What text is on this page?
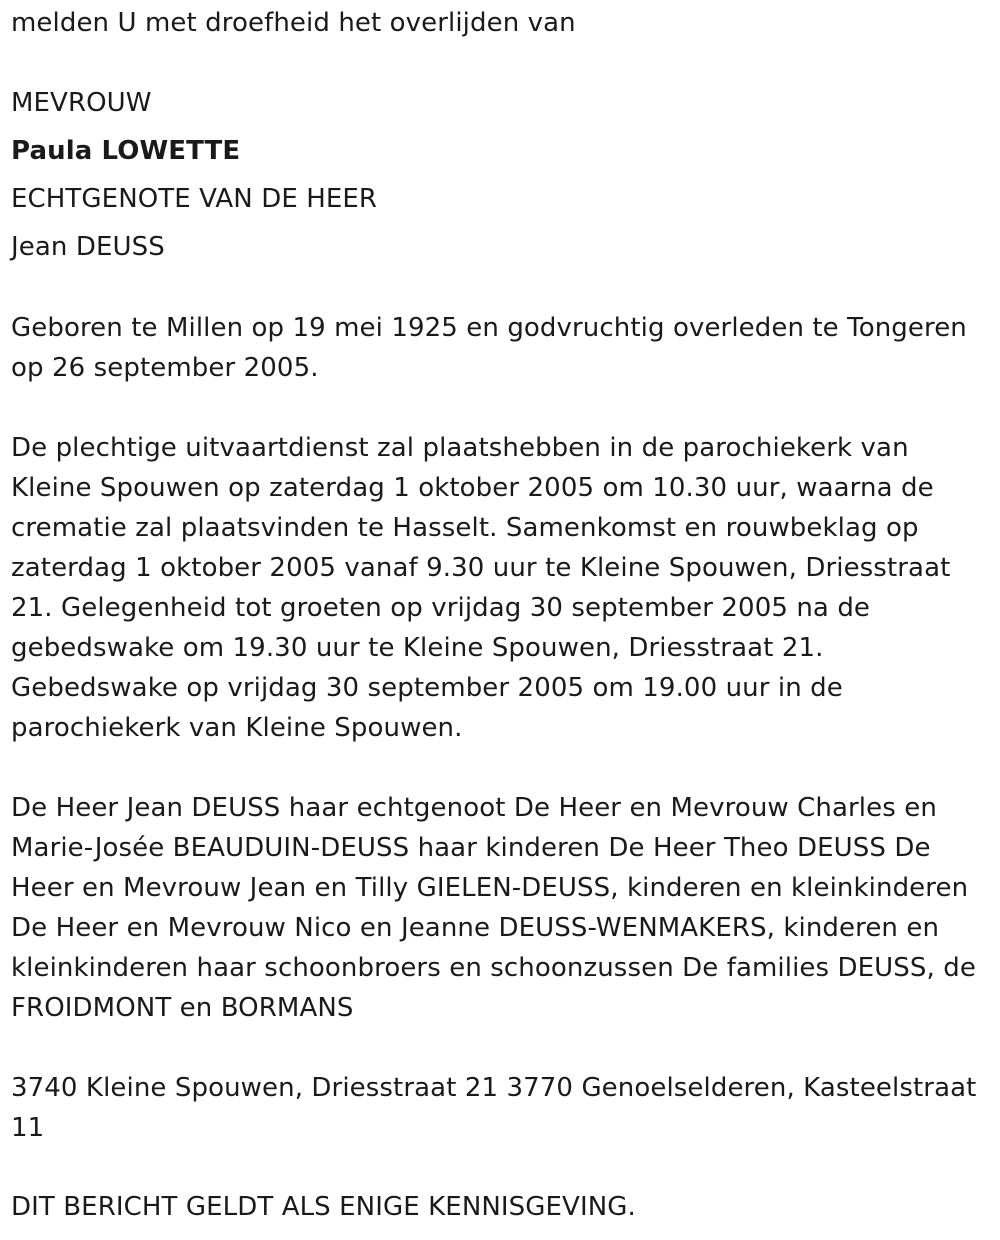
melden U met droefheid het overlijden van
MEVROUW
Paula LOWETTE
ECHTGENOTE VAN DE HEER
Jean DEUSS
Geboren te Millen op 19 mei 1925 en godvruchtig overleden te Tongeren op 26 september 2005.
De plechtige uitvaartdienst zal plaatshebben in de parochiekerk van Kleine Spouwen op zaterdag 1 oktober 2005 om 10.30 uur, waarna de crematie zal plaatsvinden te Hasselt. Samenkomst en rouwbeklag op zaterdag 1 oktober 2005 vanaf 9.30 uur te Kleine Spouwen, Driesstraat 21. Gelegenheid tot groeten op vrijdag 30 september 2005 na de gebedswake om 19.30 uur te Kleine Spouwen, Driesstraat 21. Gebedswake op vrijdag 30 september 2005 om 19.00 uur in de parochiekerk van Kleine Spouwen.
De Heer Jean DEUSS haar echtgenoot De Heer en Mevrouw Charles en Marie-Josée BEAUDUIN-DEUSS haar kinderen De Heer Theo DEUSS De Heer en Mevrouw Jean en Tilly GIELEN-DEUSS, kinderen en kleinkinderen De Heer en Mevrouw Nico en Jeanne DEUSS-WENMAKERS, kinderen en kleinkinderen haar schoonbroers en schoonzussen De families DEUSS, de FROIDMONT en BORMANS
3740 Kleine Spouwen, Driesstraat 21 3770 Genoelselderen, Kasteelstraat 11
DIT BERICHT GELDT ALS ENIGE KENNISGEVING.
